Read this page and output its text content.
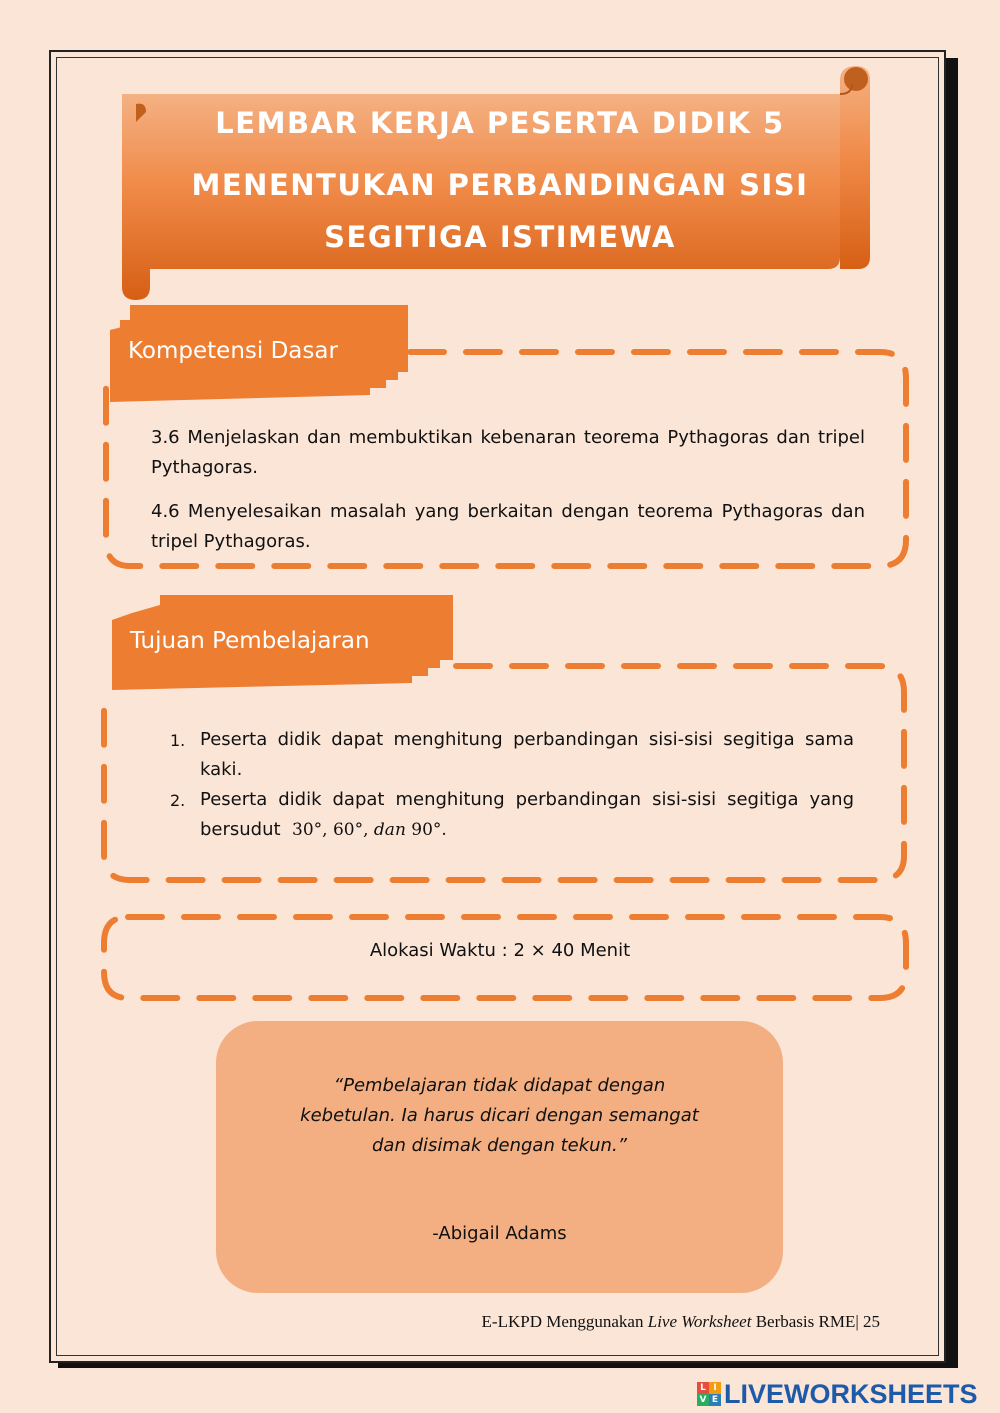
LEMBAR KERJA PESERTA DIDIK 5
MENENTUKAN PERBANDINGAN SISI
SEGITIGA ISTIMEWA
Kompetensi Dasar
Tujuan Pembelajaran
3.6 Menjelaskan dan membuktikan kebenaran teorema Pythagoras dan tripel Pythagoras.
4.6 Menyelesaikan masalah yang berkaitan dengan teorema Pythagoras dan tripel Pythagoras.
1. Peserta didik dapat menghitung perbandingan sisi-sisi segitiga sama kaki.
2. Peserta didik dapat menghitung perbandingan sisi-sisi segitiga yang bersudut 30°, 60°, dan 90°.
Alokasi Waktu : 2 × 40 Menit
“Pembelajaran tidak didapat dengan
kebetulan. Ia harus dicari dengan semangat
dan disimak dengan tekun.”
-Abigail Adams
E-LKPD Menggunakan Live Worksheet Berbasis RME| 25
L I
V E LIVEWORKSHEETS
